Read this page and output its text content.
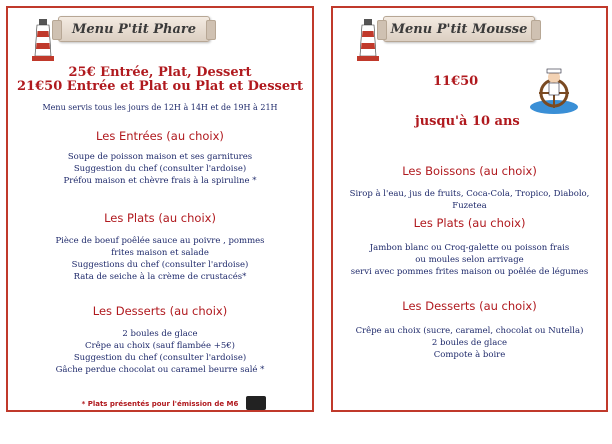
Menu P'tit Phare
25€ Entrée, Plat, Dessert
21€50 Entrée et Plat ou Plat et Dessert
Menu servis tous les jours de 12H à 14H et de 19H à 21H
Les Entrées (au choix)
Soupe de poisson maison et ses garnitures
Suggestion du chef (consulter l'ardoise)
Préfou maison et chèvre frais à la spiruline *
Les Plats (au choix)
Pièce de boeuf poêlée sauce au poivre , pommes
frites maison et salade
Suggestions du chef (consulter l'ardoise)
Rata de seiche à la crème de crustacés*
Les Desserts (au choix)
2 boules de glace
Crêpe au choix (sauf flambée +5€)
Suggestion du chef (consulter l'ardoise)
Gâche perdue chocolat ou caramel beurre salé *
* Plats présentés pour l'émission de M6
Menu P'tit Mousse
11€50
jusqu'à 10 ans
Les Boissons (au choix)
Sirop à l'eau, jus de fruits, Coca-Cola, Tropico, Diabolo, Fuzetea
Les Plats (au choix)
Jambon blanc ou Croq-galette ou poisson frais
ou moules selon arrivage
servi avec pommes frites maison ou poêlée de légumes
Les Desserts (au choix)
Crêpe au choix (sucre, caramel, chocolat ou Nutella)
2 boules de glace
Compote à boire
